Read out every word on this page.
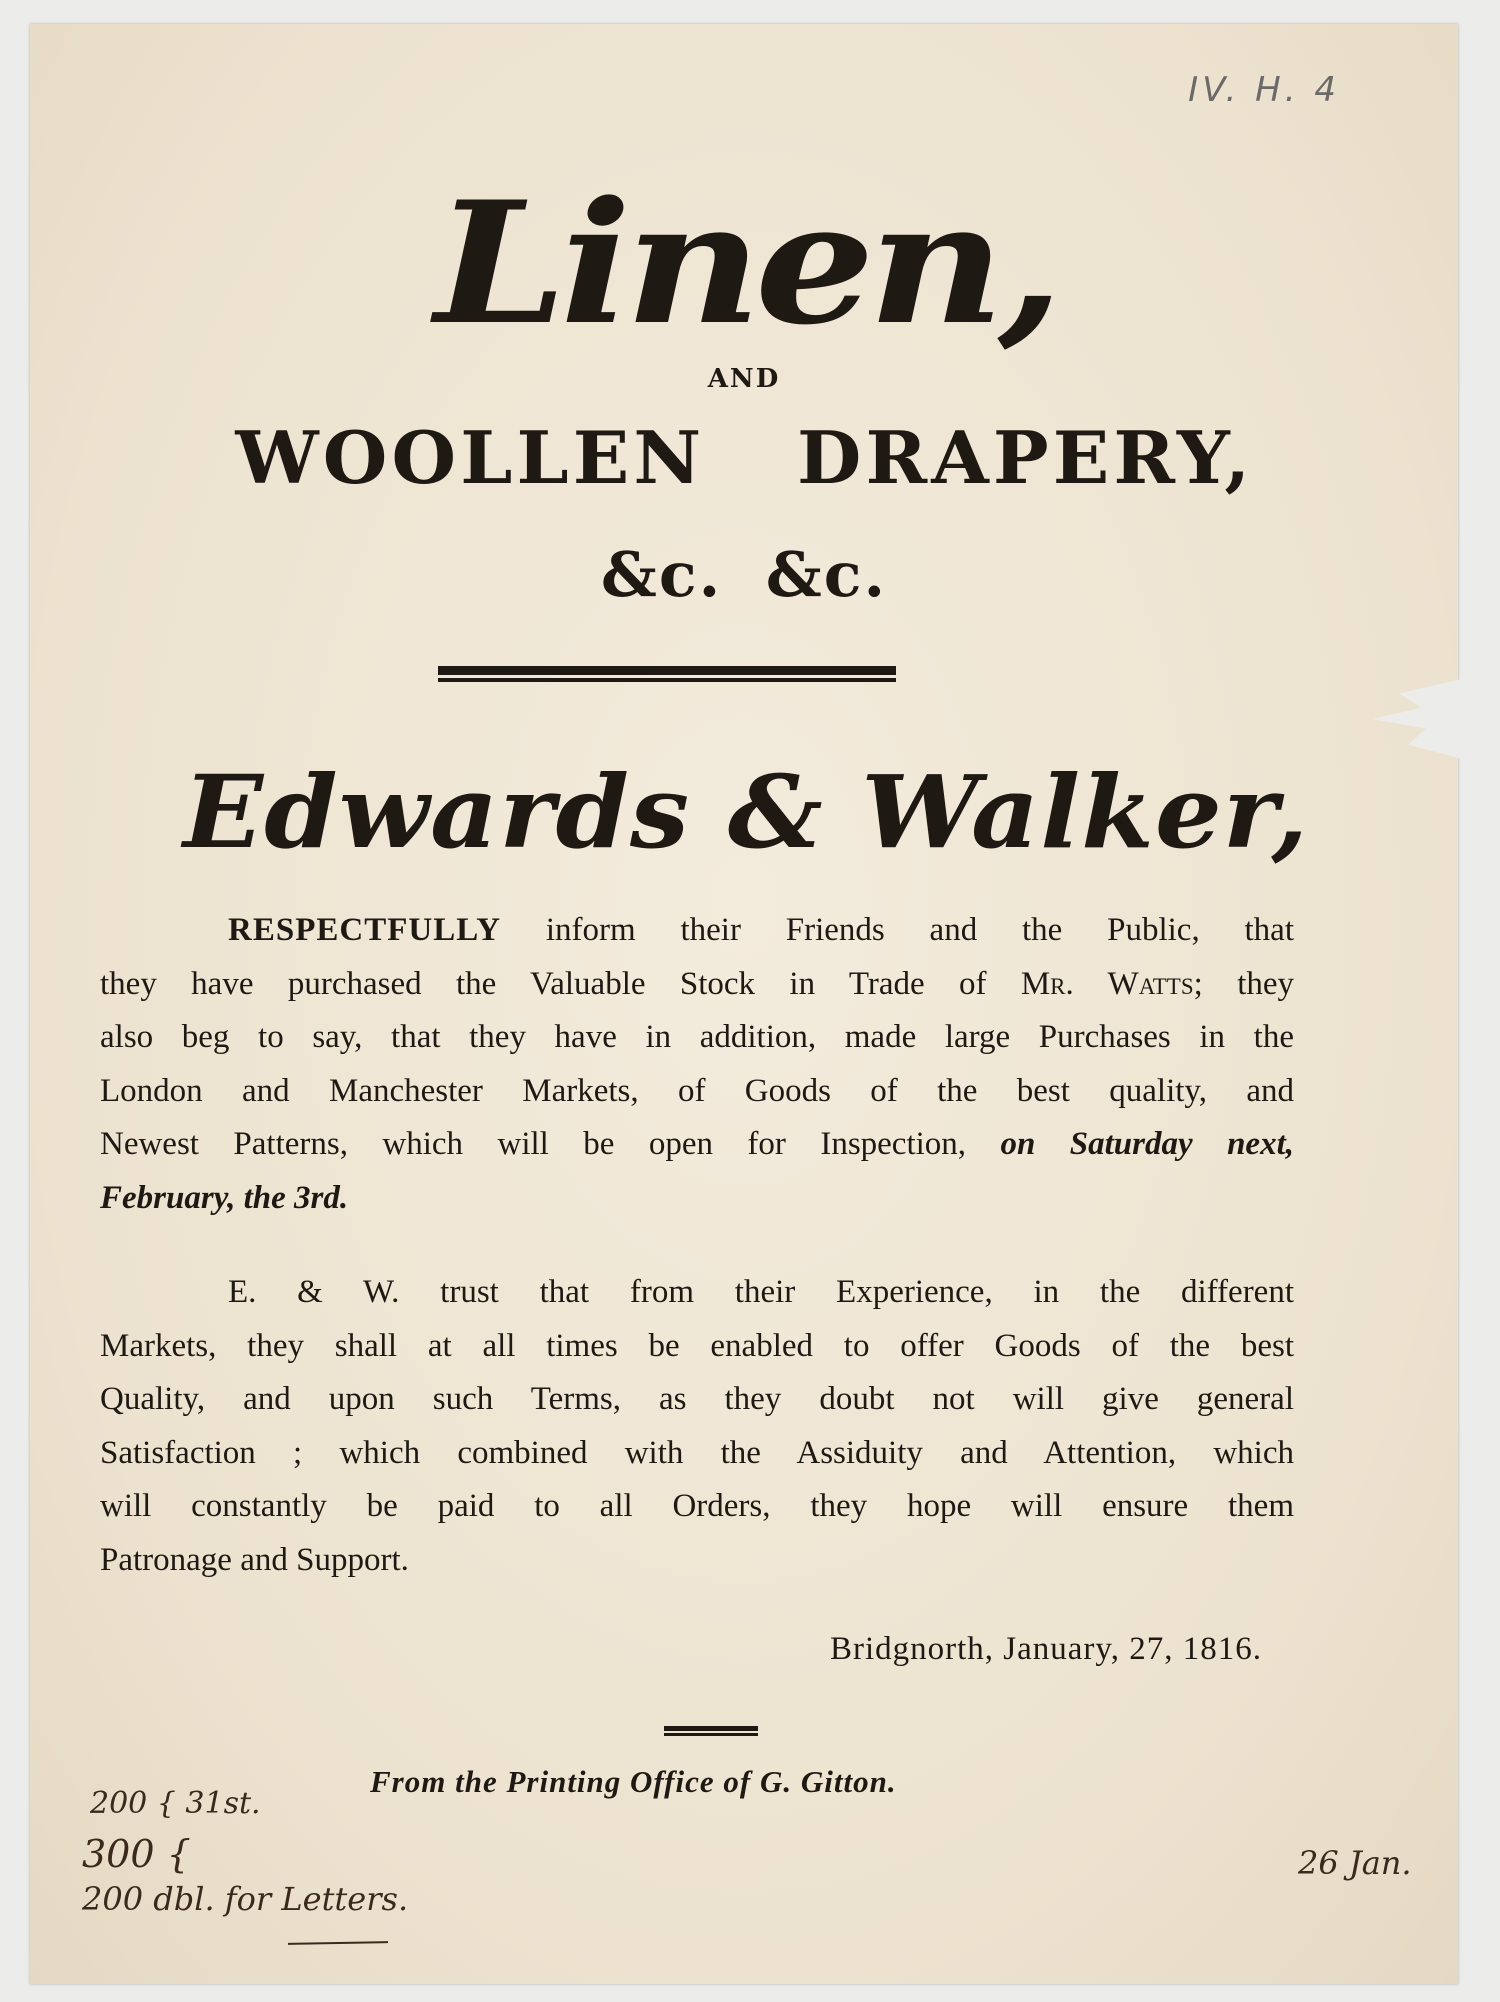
IV. H. 4
Linen,
AND
WOOLLEN DRAPERY,
&c. &c.
Edwards & Walker,
RESPECTFULLY inform their Friends and the Public, that
they have purchased the Valuable Stock in Trade of Mr. Watts; they
also beg to say, that they have in addition, made large Purchases in the
London and Manchester Markets, of Goods of the best quality, and
Newest Patterns, which will be open for Inspection, on Saturday next,
February, the 3rd.
E. & W. trust that from their Experience, in the different
Markets, they shall at all times be enabled to offer Goods of the best
Quality, and upon such Terms, as they doubt not will give general
Satisfaction ; which combined with the Assiduity and Attention, which
will constantly be paid to all Orders, they hope will ensure them
Patronage and Support.
Bridgnorth, January, 27, 1816.
From the Printing Office of G. Gitton.
200 { 31st.
300 {
200 dbl. for Letters.
26 Jan.
